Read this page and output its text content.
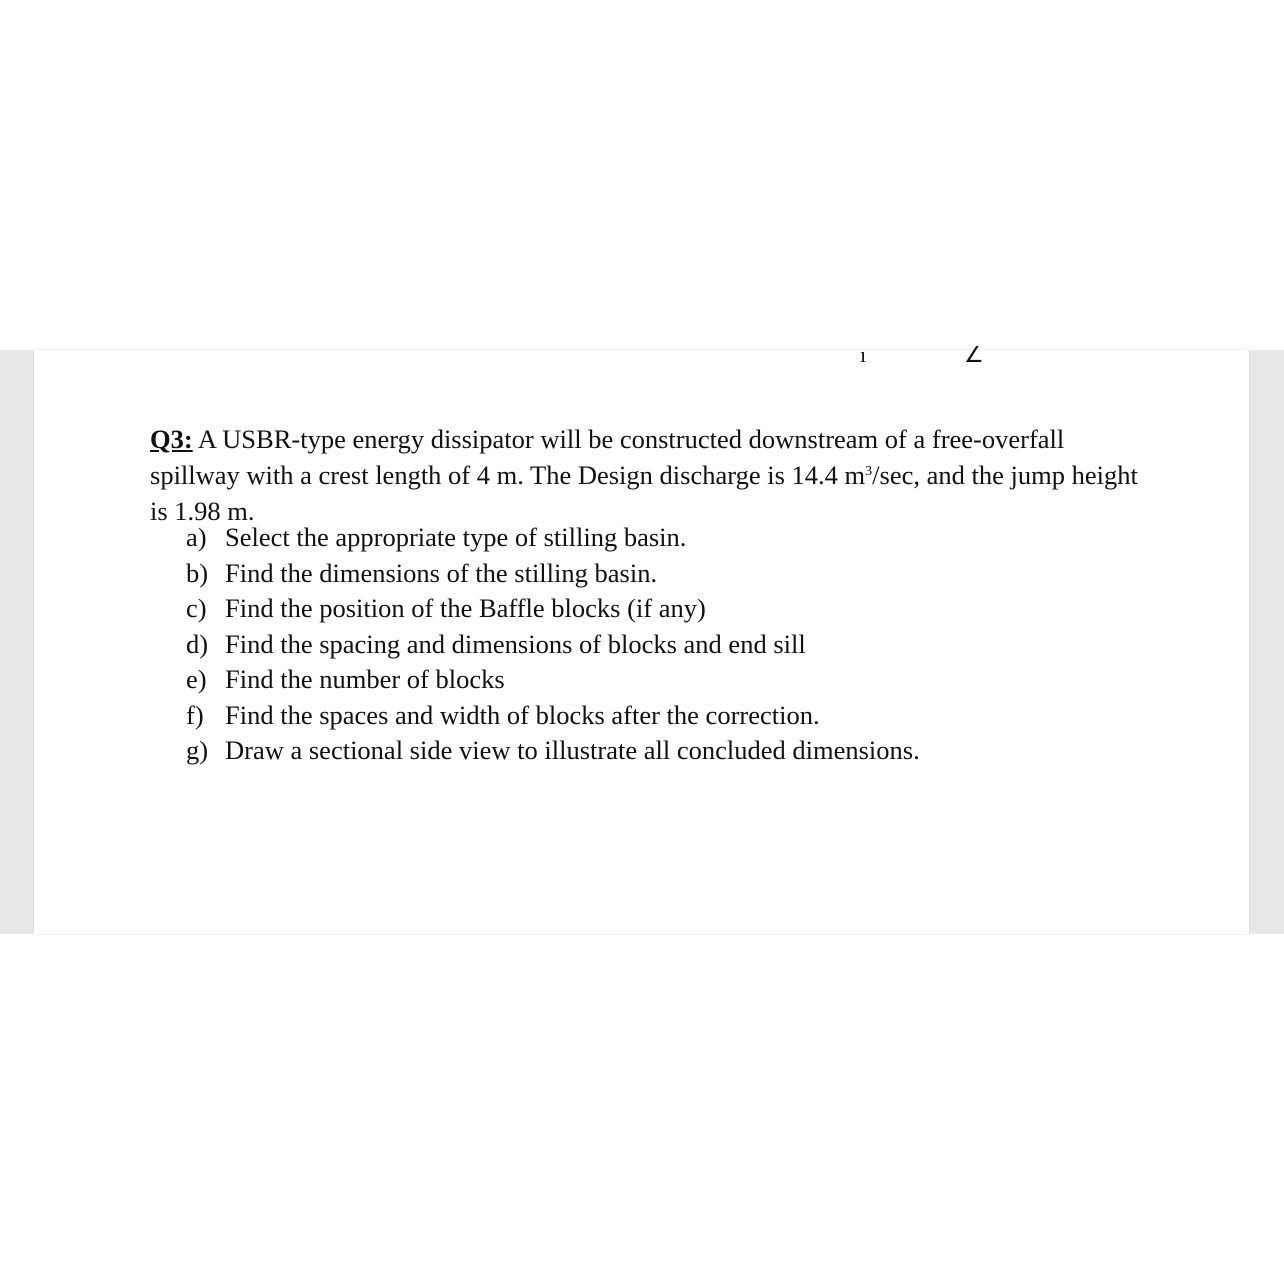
ı	∠

Q3: A USBR-type energy dissipator will be constructed downstream of a free-overfall spillway with a crest length of 4 m. The Design discharge is 14.4 $m^3/\sec$, and the jump height is 1.98 m.

a) Select the appropriate type of stilling basin.
b) Find the dimensions of the stilling basin.
c) Find the position of the Baffle blocks (if any)
d) Find the spacing and dimensions of blocks and end sill
e) Find the number of blocks
f) Find the spaces and width of blocks after the correction.
g) Draw a sectional side view to illustrate all concluded dimensions.
